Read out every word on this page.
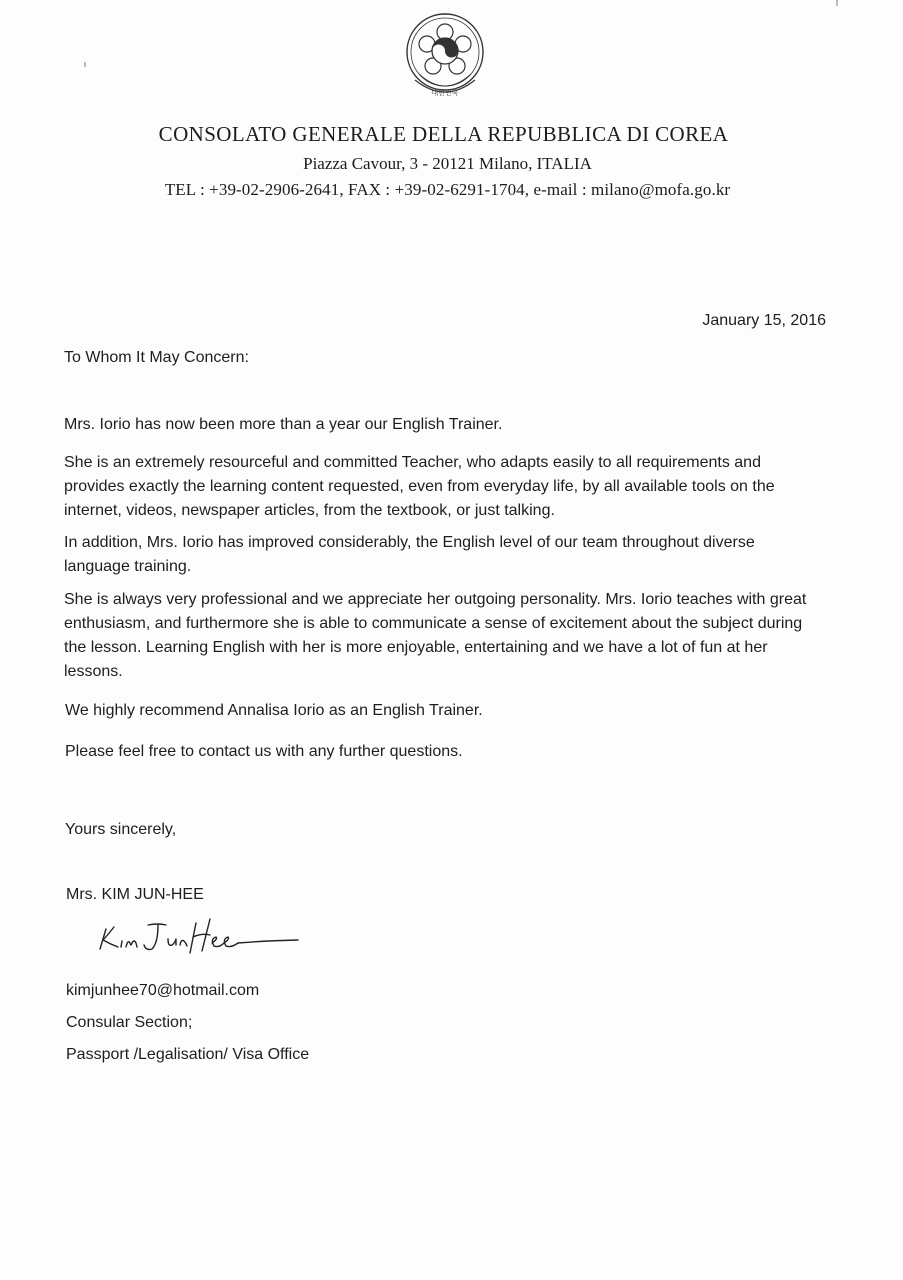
대한민국
CONSOLATO GENERALE DELLA REPUBBLICA DI COREA
Piazza Cavour, 3 - 20121 Milano, ITALIA
TEL : +39-02-2906-2641, FAX : +39-02-6291-1704, e-mail : milano@mofa.go.kr
January 15, 2016
To Whom It May Concern:
Mrs. Iorio has now been more than a year our English Trainer.
She is an extremely resourceful and committed Teacher, who adapts easily to all requirements and
provides exactly the learning content requested, even from everyday life, by all available tools on the
internet, videos, newspaper articles, from the textbook, or just talking.
In addition, Mrs. Iorio has improved considerably, the English level of our team throughout diverse
language training.
She is always very professional and we appreciate her outgoing personality. Mrs. Iorio teaches with great
enthusiasm, and furthermore she is able to communicate a sense of excitement about the subject during
the lesson. Learning English with her is more enjoyable, entertaining and we have a lot of fun at her
lessons.
We highly recommend Annalisa Iorio as an English Trainer.
Please feel free to contact us with any further questions.
Yours sincerely,
Mrs. KIM JUN-HEE
kimjunhee70@hotmail.com
Consular Section;
Passport /Legalisation/ Visa Office
